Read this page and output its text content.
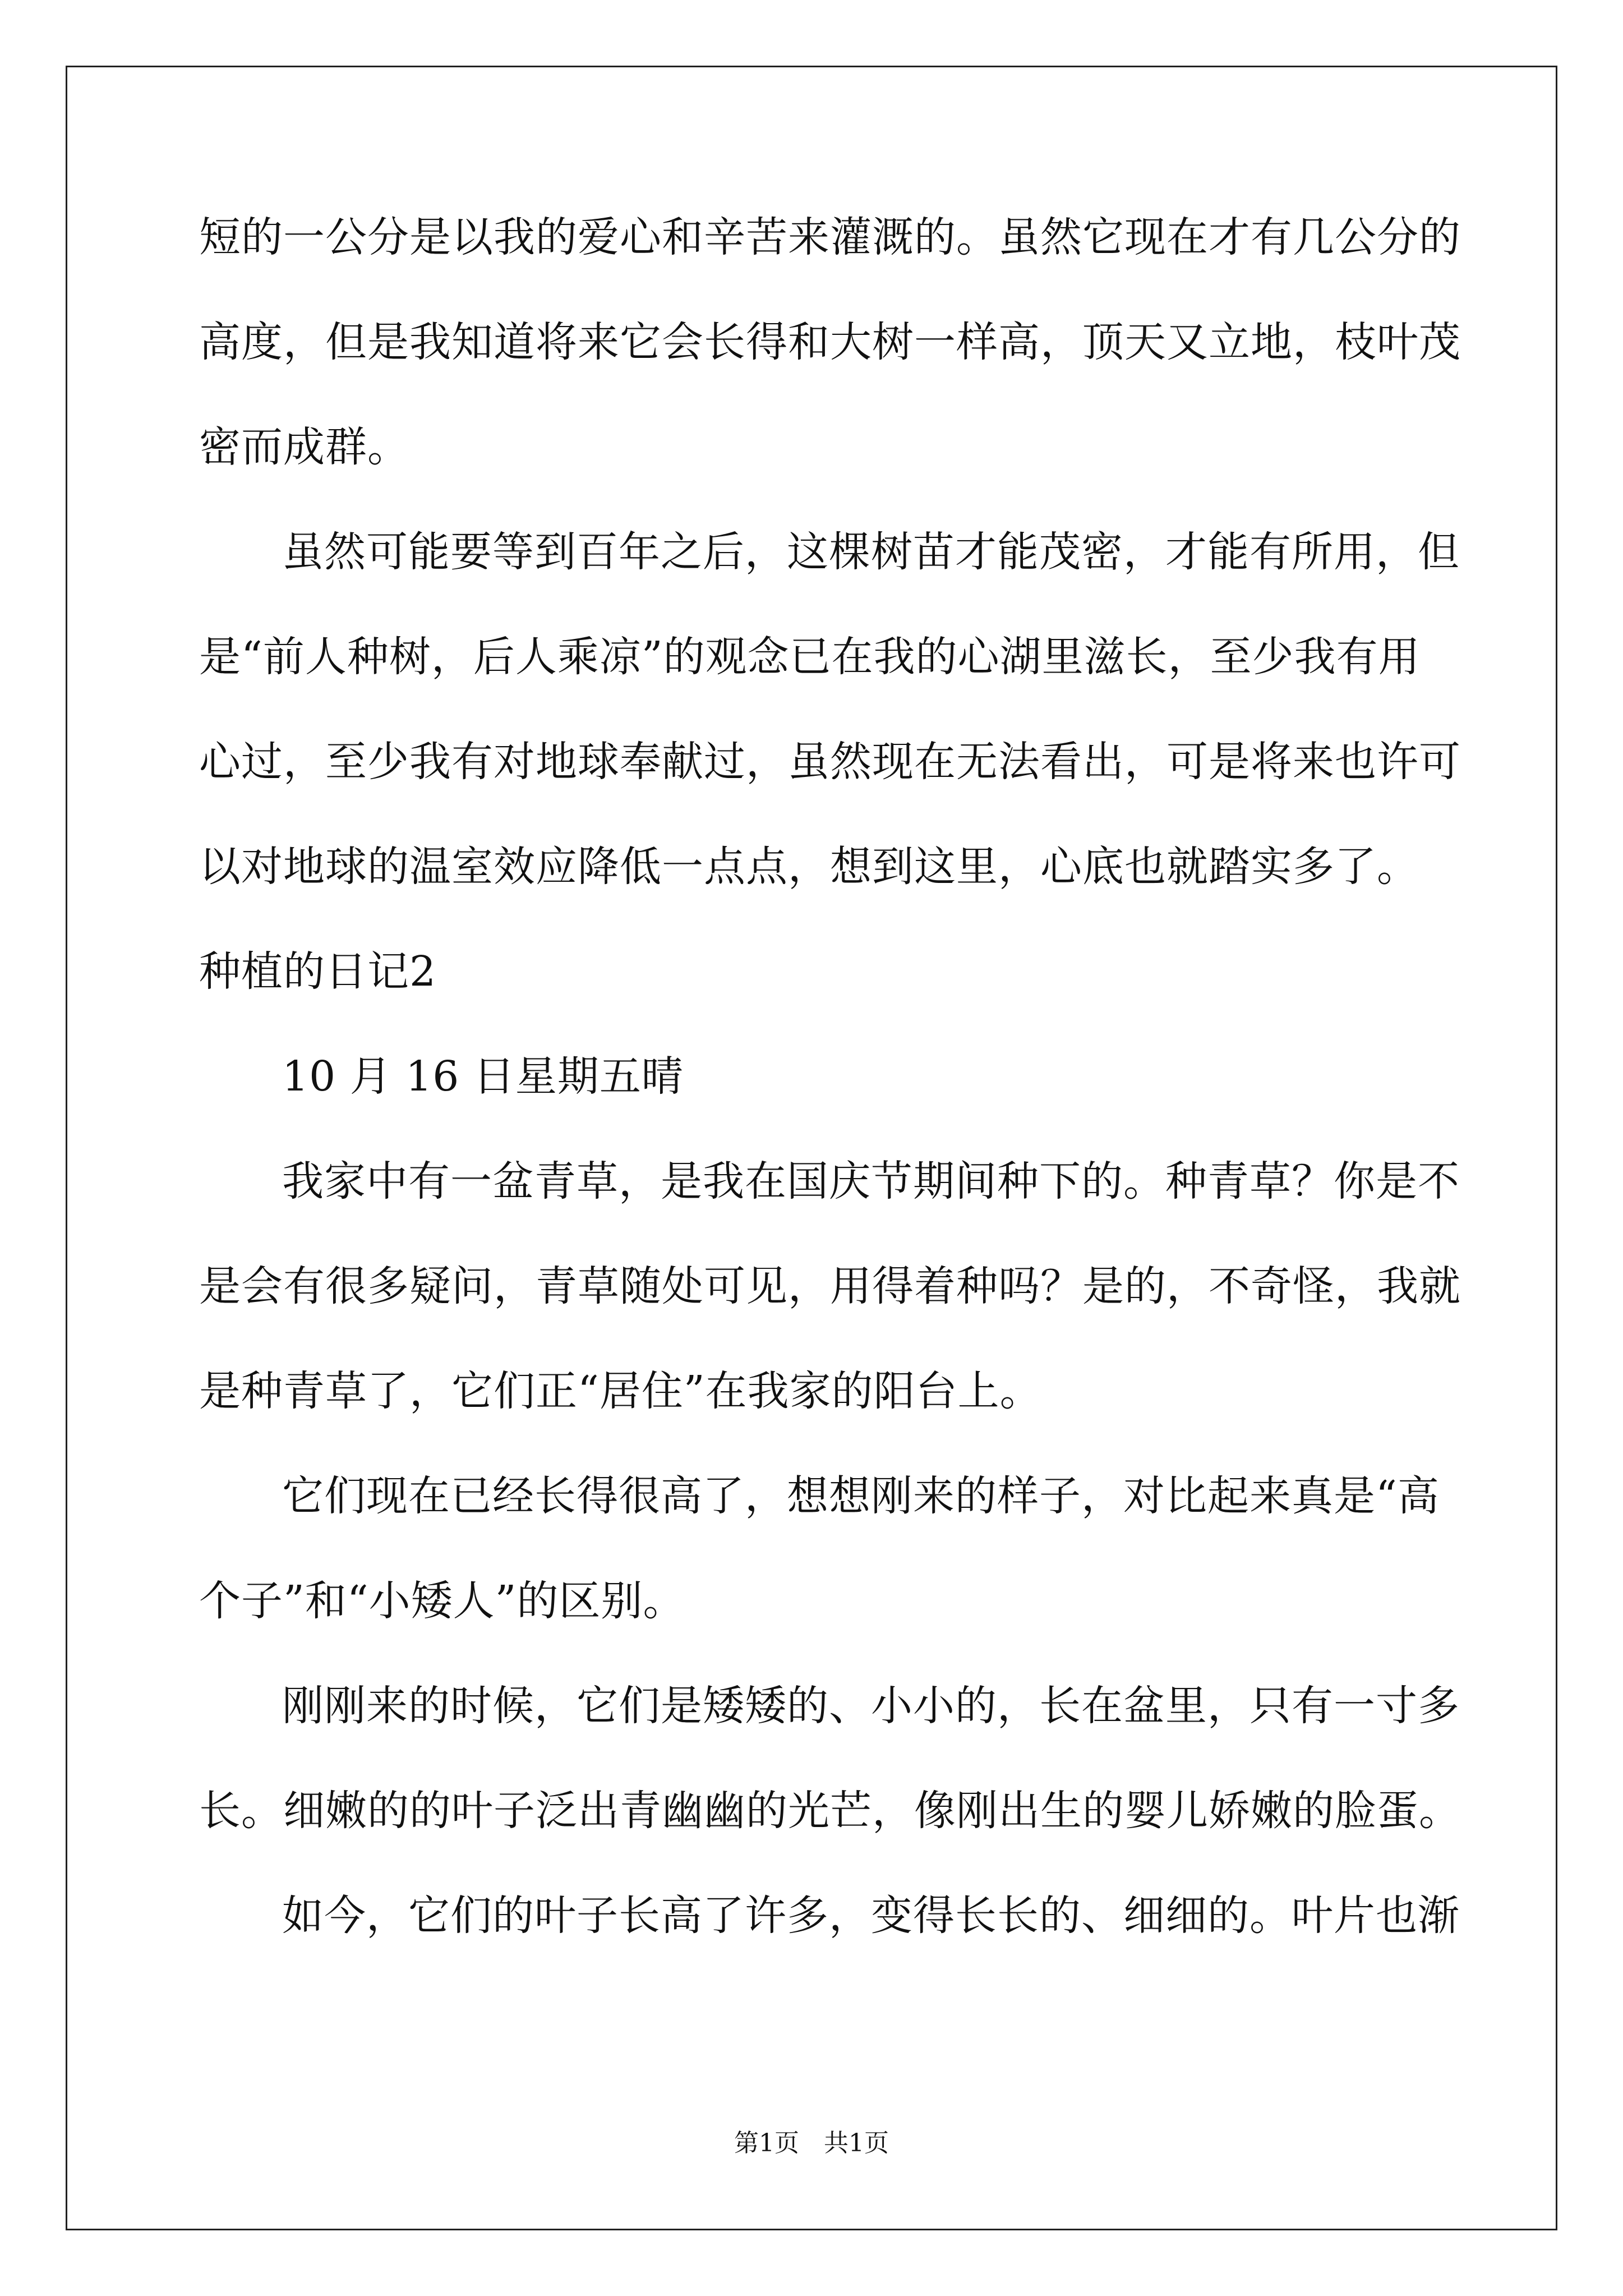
短的一公分是以我的爱心和辛苦来灌溉的。虽然它现在才有几公分的
高度，但是我知道将来它会长得和大树一样高，顶天又立地，枝叶茂
密而成群。
虽然可能要等到百年之后，这棵树苗才能茂密，才能有所用，但
是“前人种树，后人乘凉”的观念已在我的心湖里滋长，至少我有用
心过，至少我有对地球奉献过，虽然现在无法看出，可是将来也许可
以对地球的温室效应降低一点点，想到这里，心底也就踏实多了。
种植的日记2
10 月 16 日星期五晴
我家中有一盆青草，是我在国庆节期间种下的。种青草？你是不
是会有很多疑问，青草随处可见，用得着种吗？是的，不奇怪，我就
是种青草了，它们正“居住”在我家的阳台上。
它们现在已经长得很高了，想想刚来的样子，对比起来真是“高
个子”和“小矮人”的区别。
刚刚来的时候，它们是矮矮的、小小的，长在盆里，只有一寸多
长。细嫩的的叶子泛出青幽幽的光芒，像刚出生的婴儿娇嫩的脸蛋。
如今，它们的叶子长高了许多，变得长长的、细细的。叶片也渐
第1页　共1页
